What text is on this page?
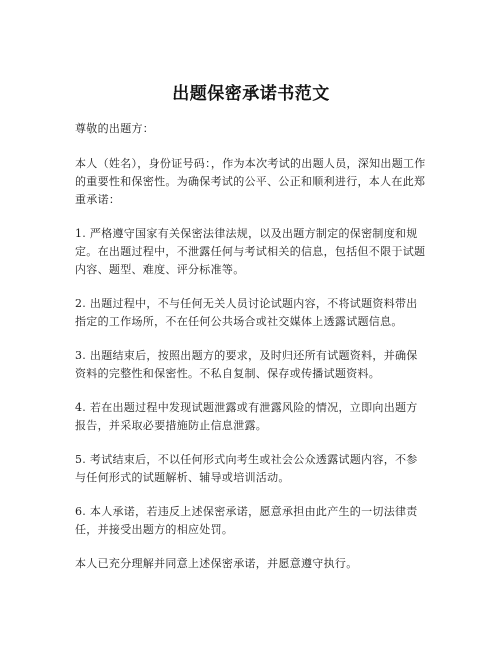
出题保密承诺书范文

尊敬的出题方：

本人（姓名），身份证号码：，作为本次考试的出题人员，深知出题工作的重要性和保密性。为确保考试的公平、公正和顺利进行，本人在此郑重承诺：

1. 严格遵守国家有关保密法律法规，以及出题方制定的保密制度和规定。在出题过程中，不泄露任何与考试相关的信息，包括但不限于试题内容、题型、难度、评分标准等。

2. 出题过程中，不与任何无关人员讨论试题内容，不将试题资料带出指定的工作场所，不在任何公共场合或社交媒体上透露试题信息。

3. 出题结束后，按照出题方的要求，及时归还所有试题资料，并确保资料的完整性和保密性。不私自复制、保存或传播试题资料。

4. 若在出题过程中发现试题泄露或有泄露风险的情况，立即向出题方报告，并采取必要措施防止信息泄露。

5. 考试结束后，不以任何形式向考生或社会公众透露试题内容，不参与任何形式的试题解析、辅导或培训活动。

6. 本人承诺，若违反上述保密承诺，愿意承担由此产生的一切法律责任，并接受出题方的相应处罚。

本人已充分理解并同意上述保密承诺，并愿意遵守执行。
